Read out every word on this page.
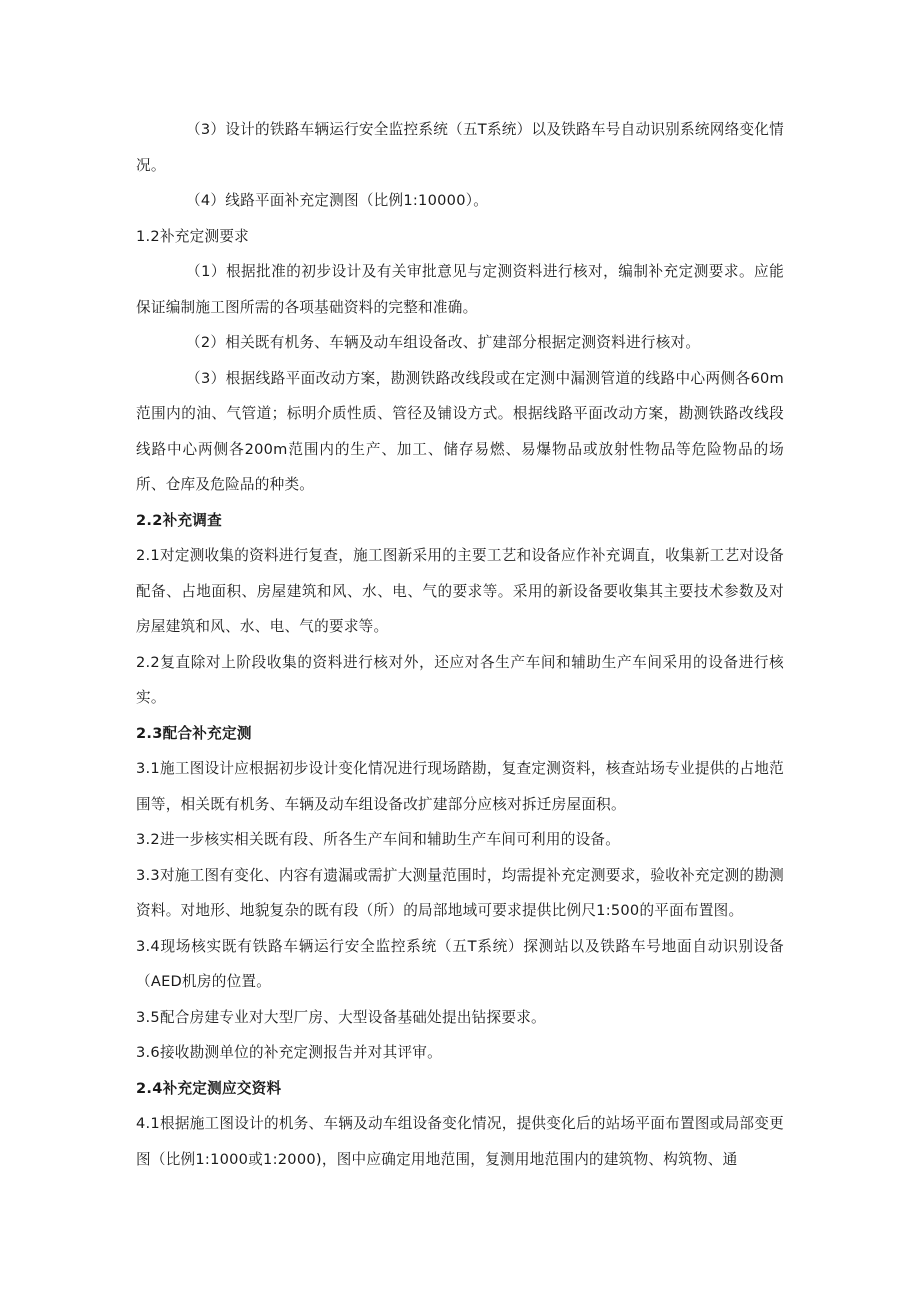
（3）设计的铁路车辆运行安全监控系统（五T系统）以及铁路车号自动识别系统网络变化情况。

（4）线路平面补充定测图（比例1:10000）。

1.2补充定测要求

（1）根据批准的初步设计及有关审批意见与定测资料进行核对，编制补充定测要求。应能保证编制施工图所需的各项基础资料的完整和准确。

（2）相关既有机务、车辆及动车组设备改、扩建部分根据定测资料进行核对。

（3）根据线路平面改动方案，勘测铁路改线段或在定测中漏测管道的线路中心两侧各60m范围内的油、气管道；标明介质性质、管径及铺设方式。根据线路平面改动方案，勘测铁路改线段线路中心两侧各200m范围内的生产、加工、储存易燃、易爆物品或放射性物品等危险物品的场所、仓库及危险品的种类。

2.2补充调查

2.1对定测收集的资料进行复查，施工图新采用的主要工艺和设备应作补充调直，收集新工艺对设备配备、占地面积、房屋建筑和风、水、电、气的要求等。采用的新设备要收集其主要技术参数及对房屋建筑和风、水、电、气的要求等。

2.2复直除对上阶段收集的资料进行核对外，还应对各生产车间和辅助生产车间采用的设备进行核实。

2.3配合补充定测

3.1施工图设计应根据初步设计变化情况进行现场踏勘，复查定测资料，核查站场专业提供的占地范围等，相关既有机务、车辆及动车组设备改扩建部分应核对拆迁房屋面积。

3.2进一步核实相关既有段、所各生产车间和辅助生产车间可利用的设备。

3.3对施工图有变化、内容有遗漏或需扩大测量范围时，均需提补充定测要求，验收补充定测的勘测资料。对地形、地貌复杂的既有段（所）的局部地域可要求提供比例尺1:500的平面布置图。

3.4现场核实既有铁路车辆运行安全监控系统（五T系统）探测站以及铁路车号地面自动识别设备（AED机房的位置。

3.5配合房建专业对大型厂房、大型设备基础处提出钻探要求。

3.6接收勘测单位的补充定测报告并对其评审。

2.4补充定测应交资料

4.1根据施工图设计的机务、车辆及动车组设备变化情况，提供变化后的站场平面布置图或局部变更图（比例1:1000或1:2000)，图中应确定用地范围，复测用地范围内的建筑物、构筑物、通
